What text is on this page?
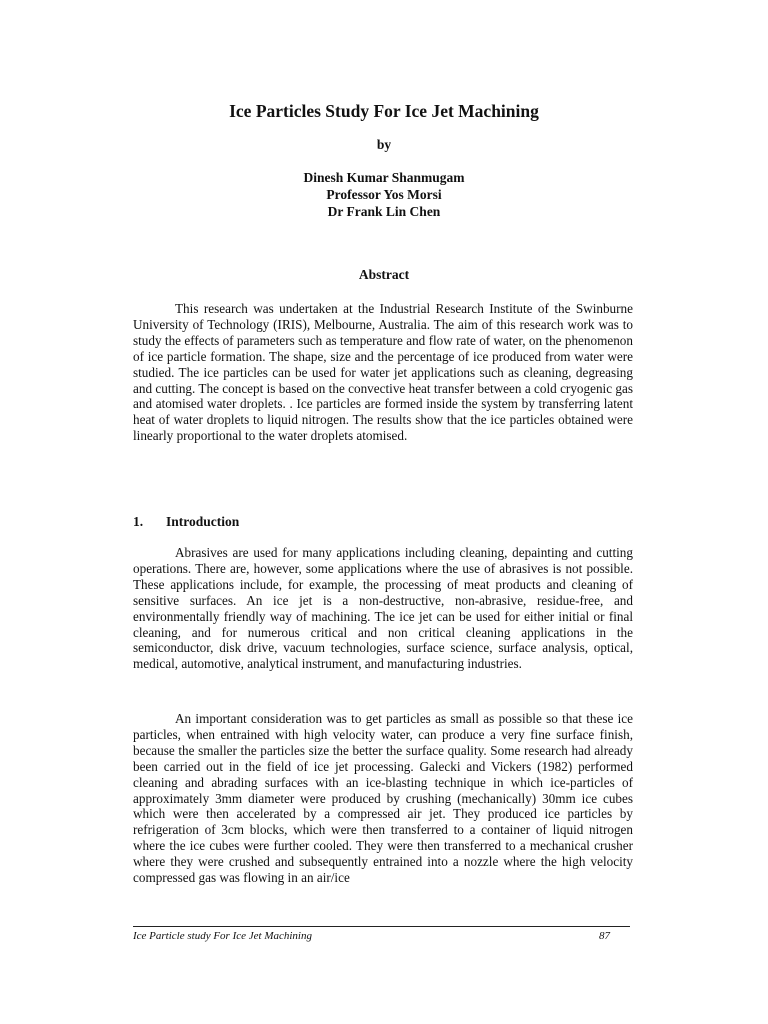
Ice Particles Study For Ice Jet Machining
by
Dinesh Kumar Shanmugam
Professor Yos Morsi
Dr Frank Lin Chen
Abstract

This research was undertaken at the Industrial Research Institute of the Swinburne University of Technology (IRIS), Melbourne, Australia. The aim of this research work was to study the effects of parameters such as temperature and flow rate of water, on the phenomenon of ice particle formation. The shape, size and the percentage of ice produced from water were studied. The ice particles can be used for water jet applications such as cleaning, degreasing and cutting. The concept is based on the convective heat transfer between a cold cryogenic gas and atomised water droplets. . Ice particles are formed inside the system by transferring latent heat of water droplets to liquid nitrogen. The results show that the ice particles obtained were linearly proportional to the water droplets atomised.

1. Introduction

Abrasives are used for many applications including cleaning, depainting and cutting operations. There are, however, some applications where the use of abrasives is not possible. These applications include, for example, the processing of meat products and cleaning of sensitive surfaces. An ice jet is a non-destructive, non-abrasive, residue-free, and environmentally friendly way of machining. The ice jet can be used for either initial or final cleaning, and for numerous critical and non critical cleaning applications in the semiconductor, disk drive, vacuum technologies, surface science, surface analysis, optical, medical, automotive, analytical instrument, and manufacturing industries.

An important consideration was to get particles as small as possible so that these ice particles, when entrained with high velocity water, can produce a very fine surface finish, because the smaller the particles size the better the surface quality. Some research had already been carried out in the field of ice jet processing. Galecki and Vickers (1982) performed cleaning and abrading surfaces with an ice-blasting technique in which ice-particles of approximately 3mm diameter were produced by crushing (mechanically) 30mm ice cubes which were then accelerated by a compressed air jet. They produced ice particles by refrigeration of 3cm blocks, which were then transferred to a container of liquid nitrogen where the ice cubes were further cooled. They were then transferred to a mechanical crusher where they were crushed and subsequently entrained into a nozzle where the high velocity compressed gas was flowing in an air/ice

Ice Particle study For Ice Jet Machining	87
